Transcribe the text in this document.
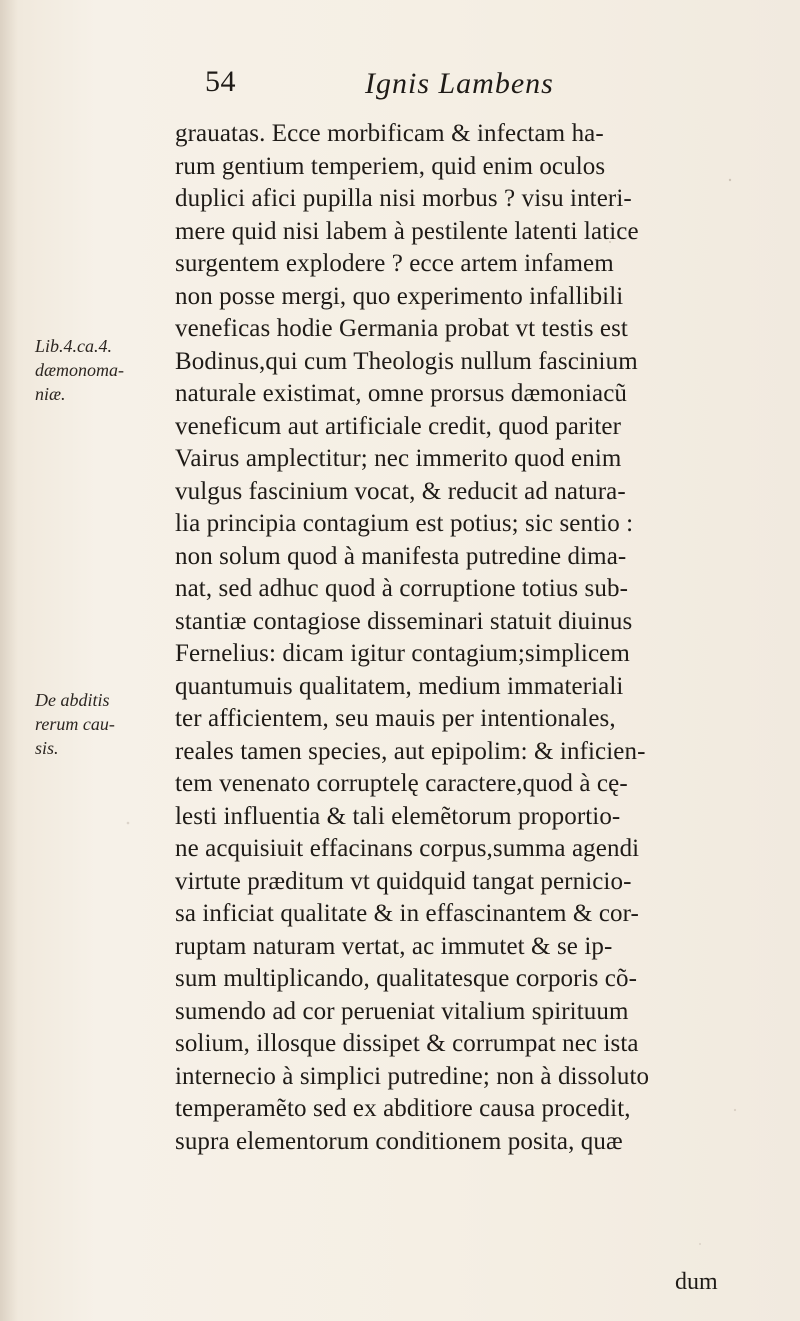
54	Ignis Lambens
Lib.4.ca.4.
dæmonoma-
niæ.
De abditis
rerum cau-
sis.
grauatas. Ecce morbificam & infectam ha-
rum gentium temperiem, quid enim oculos
duplici afici pupilla nisi morbus ? visu interi-
mere quid nisi labem à pestilente latenti latice
surgentem explodere ? ecce artem infamem
non posse mergi, quo experimento infallibili
veneficas hodie Germania probat vt testis est
Bodinus,qui cum Theologis nullum fascinium
naturale existimat, omne prorsus dæmoniacũ
veneficum aut artificiale credit, quod pariter
Vairus amplectitur; nec immerito quod enim
vulgus fascinium vocat, & reducit ad natura-
lia principia contagium est potius; sic sentio :
non solum quod à manifesta putredine dima-
nat, sed adhuc quod à corruptione totius sub-
stantiæ contagiose disseminari statuit diuinus
Fernelius: dicam igitur contagium;simplicem
quantumuis qualitatem, medium immateriali
ter afficientem, seu mauis per intentionales,
reales tamen species, aut epipolim: & inficien-
tem venenato corruptelę caractere,quod à cę-
lesti influentia & tali elemẽtorum proportio-
ne acquisiuit effacinans corpus,summa agendi
virtute præditum vt quidquid tangat pernicio-
sa inficiat qualitate & in effascinantem & cor-
ruptam naturam vertat, ac immutet & se ip-
sum multiplicando, qualitatesque corporis cõ-
sumendo ad cor perueniat vitalium spirituum
solium, illosque dissipet & corrumpat nec ista
internecio à simplici putredine; non à dissoluto
temperamẽto sed ex abditiore causa procedit,
supra elementorum conditionem posita, quæ
dum
